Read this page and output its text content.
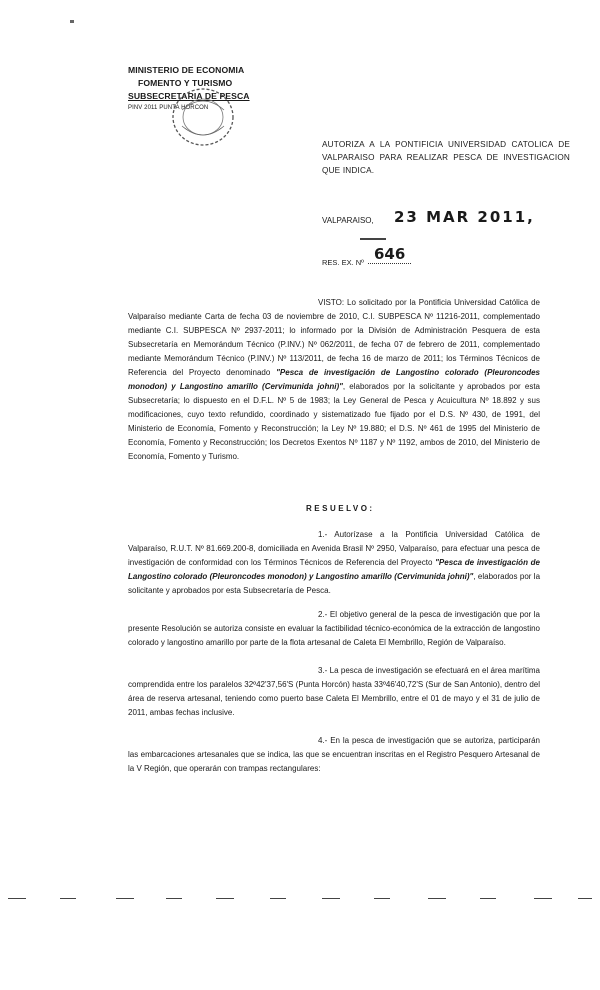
MINISTERIO DE ECONOMIA
FOMENTO Y TURISMO
SUBSECRETARIA DE PESCA
PINV 2011 PUNTA HORCON
AUTORIZA A LA PONTIFICIA UNIVERSIDAD CATOLICA DE VALPARAISO PARA REALIZAR PESCA DE INVESTIGACION QUE INDICA.
VALPARAISO, 23 MAR 2011,
RES. EX. Nº 646

VISTO: Lo solicitado por la Pontificia Universidad Católica de Valparaíso mediante Carta de fecha 03 de noviembre de 2010, C.I. SUBPESCA Nº 11216-2011, complementado mediante C.I. SUBPESCA Nº 2937-2011; lo informado por la División de Administración Pesquera de esta Subsecretaría en Memorándum Técnico (P.INV.) Nº 062/2011, de fecha 07 de febrero de 2011, complementado mediante Memorándum Técnico (P.INV.) Nº 113/2011, de fecha 16 de marzo de 2011; los Términos Técnicos de Referencia del Proyecto denominado "Pesca de investigación de Langostino colorado (Pleuroncodes monodon) y Langostino amarillo (Cervimunida johni)", elaborados por la solicitante y aprobados por esta Subsecretaría; lo dispuesto en el D.F.L. Nº 5 de 1983; la Ley General de Pesca y Acuicultura Nº 18.892 y sus modificaciones, cuyo texto refundido, coordinado y sistematizado fue fijado por el D.S. Nº 430, de 1991, del Ministerio de Economía, Fomento y Reconstrucción; la Ley Nº 19.880; el D.S. Nº 461 de 1995 del Ministerio de Economía, Fomento y Reconstrucción; los Decretos Exentos Nº 1187 y Nº 1192, ambos de 2010, del Ministerio de Economía, Fomento y Turismo.

RESUELVO:

1.- Autorízase a la Pontificia Universidad Católica de Valparaíso, R.U.T. Nº 81.669.200-8, domiciliada en Avenida Brasil Nº 2950, Valparaíso, para efectuar una pesca de investigación de conformidad con los Términos Técnicos de Referencia del Proyecto "Pesca de investigación de Langostino colorado (Pleuroncodes monodon) y Langostino amarillo (Cervimunida johni)", elaborados por la solicitante y aprobados por esta Subsecretaría de Pesca.

2.- El objetivo general de la pesca de investigación que por la presente Resolución se autoriza consiste en evaluar la factibilidad técnico-económica de la extracción de langostino colorado y langostino amarillo por parte de la flota artesanal de Caleta El Membrillo, Región de Valparaíso.

3.- La pesca de investigación se efectuará en el área marítima comprendida entre los paralelos 32º42'37,56'S (Punta Horcón) hasta 33º46'40,72'S (Sur de San Antonio), dentro del área de reserva artesanal, teniendo como puerto base Caleta El Membrillo, entre el 01 de mayo y el 31 de julio de 2011, ambas fechas inclusive.

4.- En la pesca de investigación que se autoriza, participarán las embarcaciones artesanales que se indica, las que se encuentran inscritas en el Registro Pesquero Artesanal de la V Región, que operarán con trampas rectangulares:
